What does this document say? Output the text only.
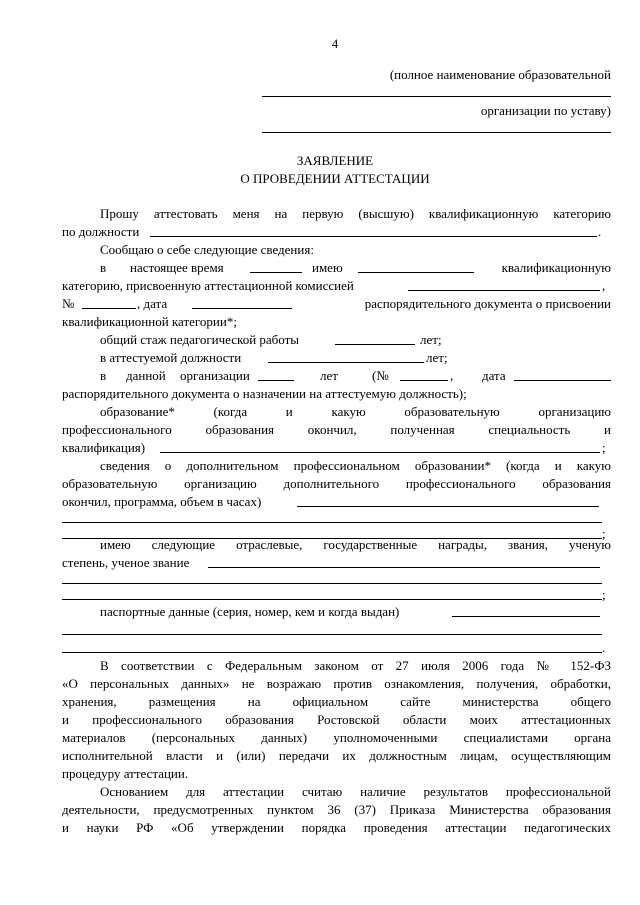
4
(полное наименование образовательной
организации по уставу)
ЗАЯВЛЕНИЕ
О ПРОВЕДЕНИИ АТТЕСТАЦИИ
Прошу аттестовать меня на первую (высшую) квалификационную категорию
по должности	.
Сообщаю о себе следующие сведения:
в настоящее время	имею	квалификационную
категорию, присвоенную аттестационной комиссией	,
№	, дата	распорядительного документа о присвоении
квалификационной категории*;
общий стаж педагогической работы	лет;
в аттестуемой должности	лет;
в данной организации	лет	(№	, дата
распорядительного документа о назначении на аттестуемую должность);
образование* (когда и какую образовательную организацию
профессионального образования окончил, полученная специальность и
квалификация)	;
сведения о дополнительном профессиональном образовании* (когда и какую
образовательную организацию дополнительного профессионального образования
окончил, программа, объем в часах)
;
имею следующие отраслевые, государственные награды, звания, ученую
степень, ученое звание
;
паспортные данные (серия, номер, кем и когда выдан)
.
В соответствии с Федеральным законом от 27 июля 2006 года № 152-ФЗ
«О персональных данных» не возражаю против ознакомления, получения, обработки,
хранения, размещения на официальном сайте министерства общего
и профессионального образования Ростовской области моих аттестационных
материалов (персональных данных) уполномоченными специалистами органа
исполнительной власти и (или) передачи их должностным лицам, осуществляющим
процедуру аттестации.
Основанием для аттестации считаю наличие результатов профессиональной
деятельности, предусмотренных пунктом 36 (37) Приказа Министерства образования
и науки РФ «Об утверждении порядка проведения аттестации педагогических
